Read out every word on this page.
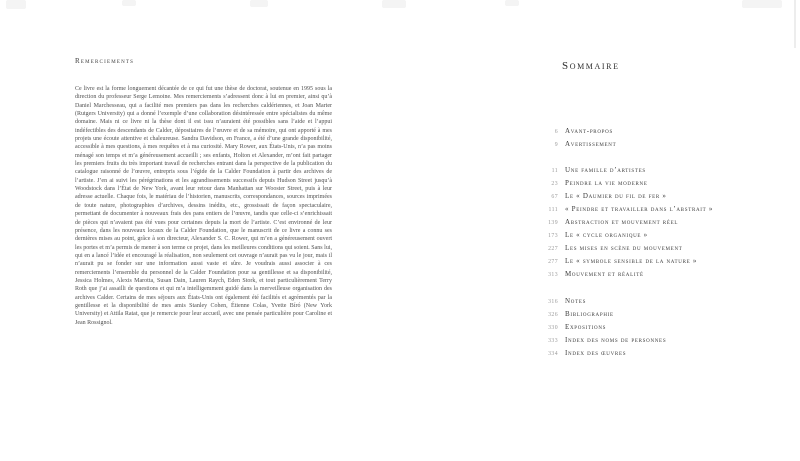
Remerciements
Ce livre est la forme longuement décantée de ce qui fut une thèse de doctorat, soutenue en 1995 sous la direction du professeur Serge Lemoine. Mes remerciements s’adressent donc à lui en premier, ainsi qu’à Daniel Marchesseau, qui a facilité mes premiers pas dans les recherches caldériennes, et Joan Marter (Rutgers University) qui a donné l’exemple d’une collaboration désintéressée entre spécialistes du même domaine. Mais ni ce livre ni la thèse dont il est issu n’auraient été possibles sans l’aide et l’appui indéfectibles des descendants de Calder, dépositaires de l’œuvre et de sa mémoire, qui ont apporté à mes projets une écoute attentive et chaleureuse. Sandra Davidson, en France, a été d’une grande disponibilité, accessible à mes questions, à mes requêtes et à ma curiosité. Mary Rower, aux États-Unis, n’a pas moins ménagé son temps et m’a généreusement accueilli ; ses enfants, Holton et Alexander, m’ont fait partager les premiers fruits du très important travail de recherches entrant dans la perspective de la publication du catalogue raisonné de l’œuvre, entrepris sous l’égide de la Calder Foundation à partir des archives de l’artiste. J’en ai suivi les pérégrinations et les agrandissements successifs depuis Hudson Street jusqu’à Woodstock dans l’État de New York, avant leur retour dans Manhattan sur Wooster Street, puis à leur adresse actuelle. Chaque fois, le matériau de l’historien, manuscrits, correspondances, sources imprimées de toute nature, photographies d’archives, dessins inédits, etc., grossissait de façon spectaculaire, permettant de documenter à nouveaux frais des pans entiers de l’œuvre, tandis que celle-ci s’enrichissait de pièces qui n’avaient pas été vues pour certaines depuis la mort de l’artiste. C’est environné de leur présence, dans les nouveaux locaux de la Calder Foundation, que le manuscrit de ce livre a connu ses dernières mises au point, grâce à son directeur, Alexander S. C. Rower, qui m’en a généreusement ouvert les portes et m’a permis de mener à son terme ce projet, dans les meilleures conditions qui soient. Sans lui, qui en a lancé l’idée et encouragé la réalisation, non seulement cet ouvrage n’aurait pas vu le jour, mais il n’aurait pu se fonder sur une information aussi vaste et sûre. Je voudrais aussi associer à ces remerciements l’ensemble du personnel de la Calder Foundation pour sa gentillesse et sa disponibilité, Jessica Holmes, Alexis Marotta, Susan Dain, Lauren Raych, Eden Stork, et tout particulièrement Terry Roth que j’ai assailli de questions et qui m’a intelligemment guidé dans la merveilleuse organisation des archives Calder. Certains de mes séjours aux États-Unis ont également été facilités et agrémentés par la gentillesse et la disponibilité de mes amis Stanley Cohen, Étienne Colas, Yvette Bíró (New York University) et Attila Ratat, que je remercie pour leur accueil, avec une pensée particulière pour Caroline et Jean Rossignol.
Sommaire
6 Avant-propos
9 Avertissement
11 Une famille d’artistes
23 Peindre la vie moderne
67 Le « Daumier du fil de fer »
111 « Peindre et travailler dans l’abstrait »
139 Abstraction et mouvement réel
173 Le « cycle organique »
227 Les mises en scène du mouvement
277 Le « symbole sensible de la nature »
313 Mouvement et réalité
316 Notes
326 Bibliographie
330 Expositions
333 Index des noms de personnes
334 Index des œuvres
